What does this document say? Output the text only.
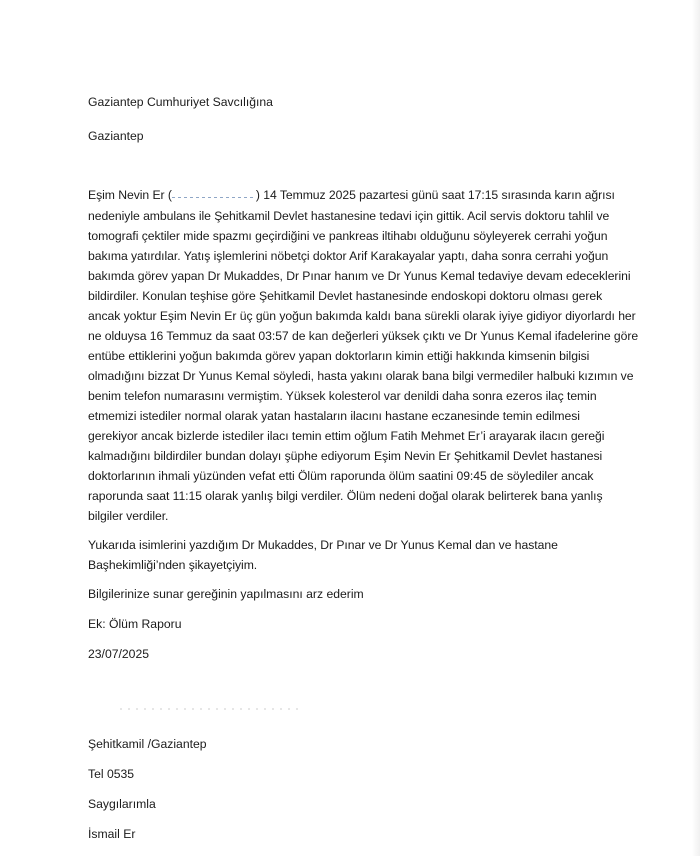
Gaziantep Cumhuriyet Savcılığına
Gaziantep
Eşim Nevin Er (	) 14 Temmuz 2025 pazartesi günü saat 17:15 sırasında karın ağrısı
nedeniyle ambulans ile Şehitkamil Devlet hastanesine tedavi için gittik. Acil servis doktoru tahlil ve
tomografi çektiler mide spazmı geçirdiğini ve pankreas iltihabı olduğunu söyleyerek cerrahi yoğun
bakıma yatırdılar. Yatış işlemlerini nöbetçi doktor Arif Karakayalar yaptı, daha sonra cerrahi yoğun
bakımda görev yapan Dr Mukaddes, Dr Pınar hanım ve Dr Yunus Kemal tedaviye devam edeceklerini
bildirdiler. Konulan teşhise göre Şehitkamil Devlet hastanesinde endoskopi doktoru olması gerek
ancak yoktur Eşim Nevin Er üç gün yoğun bakımda kaldı bana sürekli olarak iyiye gidiyor diyorlardı her
ne olduysa 16 Temmuz da saat 03:57 de kan değerleri yüksek çıktı ve Dr Yunus Kemal ifadelerine göre
entübe ettiklerini yoğun bakımda görev yapan doktorların kimin ettiği hakkında kimsenin bilgisi
olmadığını bizzat Dr Yunus Kemal söyledi, hasta yakını olarak bana bilgi vermediler halbuki kızımın ve
benim telefon numarasını vermiştim. Yüksek kolesterol var denildi daha sonra ezeros ilaç temin
etmemizi istediler normal olarak yatan hastaların ilacını hastane eczanesinde temin edilmesi
gerekiyor ancak bizlerde istediler ilacı temin ettim oğlum Fatih Mehmet Er’i arayarak ilacın gereği
kalmadığını bildirdiler bundan dolayı şüphe ediyorum Eşim Nevin Er Şehitkamil Devlet hastanesi
doktorlarının ihmali yüzünden vefat etti Ölüm raporunda ölüm saatini 09:45 de söylediler ancak
raporunda saat 11:15 olarak yanlış bilgi verdiler. Ölüm nedeni doğal olarak belirterek bana yanlış
bilgiler verdiler.
Yukarıda isimlerini yazdığım Dr Mukaddes, Dr Pınar ve Dr Yunus Kemal dan ve hastane
Başhekimliği’nden şikayetçiyim.
Bilgilerinize sunar gereğinin yapılmasını arz ederim
Ek: Ölüm Raporu
23/07/2025
Şehitkamil /Gaziantep
Tel 0535
Saygılarımla
İsmail Er
